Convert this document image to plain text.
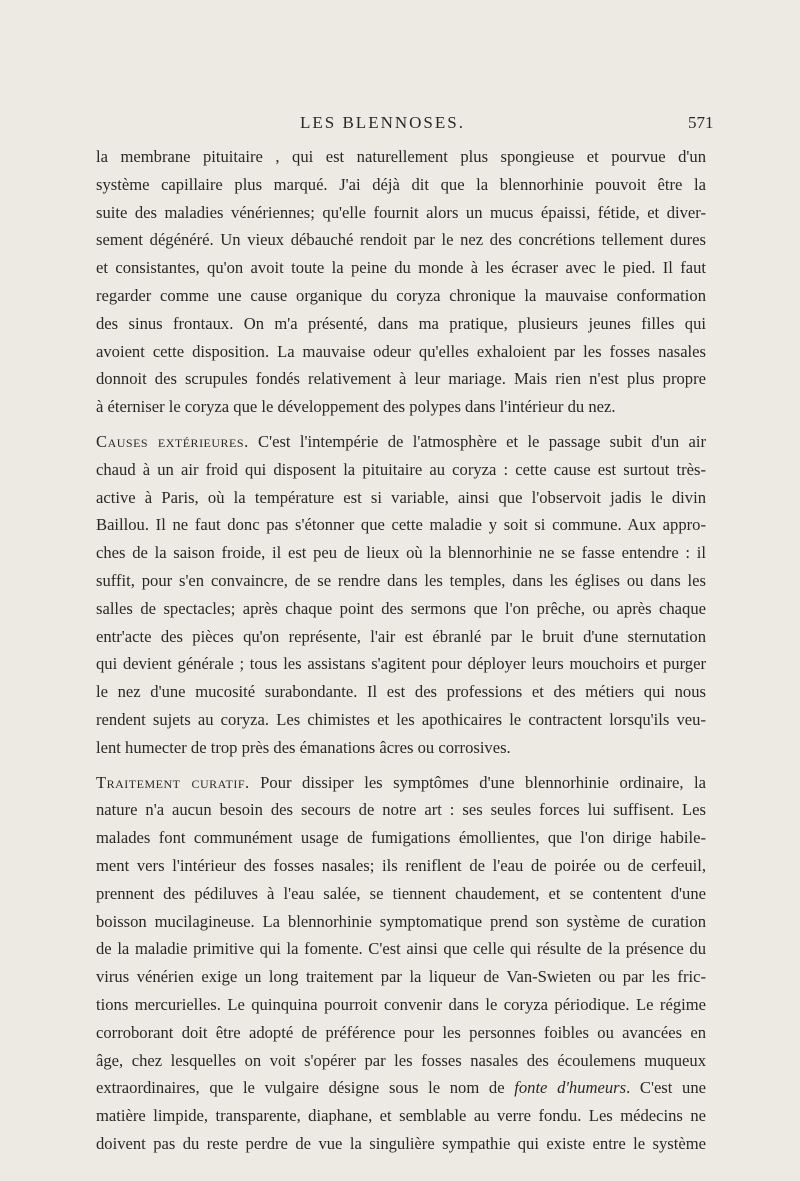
LES BLENNOSES.	571
la membrane pituitaire , qui est naturellement plus spongieuse et pourvue d'un
système capillaire plus marqué. J'ai déjà dit que la blennorhinie pouvoit être la
suite des maladies vénériennes; qu'elle fournit alors un mucus épaissi, fétide, et diver-
sement dégénéré. Un vieux débauché rendoit par le nez des concrétions tellement dures
et consistantes, qu'on avoit toute la peine du monde à les écraser avec le pied. Il faut
regarder comme une cause organique du coryza chronique la mauvaise conformation
des sinus frontaux. On m'a présenté, dans ma pratique, plusieurs jeunes filles qui
avoient cette disposition. La mauvaise odeur qu'elles exhaloient par les fosses nasales
donnoit des scrupules fondés relativement à leur mariage. Mais rien n'est plus propre
à éterniser le coryza que le développement des polypes dans l'intérieur du nez.
Causes extérieures. C'est l'intempérie de l'atmosphère et le passage subit d'un air
chaud à un air froid qui disposent la pituitaire au coryza : cette cause est surtout très-
active à Paris, où la température est si variable, ainsi que l'observoit jadis le divin
Baillou. Il ne faut donc pas s'étonner que cette maladie y soit si commune. Aux appro-
ches de la saison froide, il est peu de lieux où la blennorhinie ne se fasse entendre : il
suffit, pour s'en convaincre, de se rendre dans les temples, dans les églises ou dans les
salles de spectacles; après chaque point des sermons que l'on prêche, ou après chaque
entr'acte des pièces qu'on représente, l'air est ébranlé par le bruit d'une sternutation
qui devient générale ; tous les assistans s'agitent pour déployer leurs mouchoirs et purger
le nez d'une mucosité surabondante. Il est des professions et des métiers qui nous
rendent sujets au coryza. Les chimistes et les apothicaires le contractent lorsqu'ils veu-
lent humecter de trop près des émanations âcres ou corrosives.
Traitement curatif. Pour dissiper les symptômes d'une blennorhinie ordinaire, la
nature n'a aucun besoin des secours de notre art : ses seules forces lui suffisent. Les
malades font communément usage de fumigations émollientes, que l'on dirige habile-
ment vers l'intérieur des fosses nasales; ils reniflent de l'eau de poirée ou de cerfeuil,
prennent des pédiluves à l'eau salée, se tiennent chaudement, et se contentent d'une
boisson mucilagineuse. La blennorhinie symptomatique prend son système de curation
de la maladie primitive qui la fomente. C'est ainsi que celle qui résulte de la présence du
virus vénérien exige un long traitement par la liqueur de Van-Swieten ou par les fric-
tions mercurielles. Le quinquina pourroit convenir dans le coryza périodique. Le régime
corroborant doit être adopté de préférence pour les personnes foibles ou avancées en
âge, chez lesquelles on voit s'opérer par les fosses nasales des écoulemens muqueux
extraordinaires, que le vulgaire désigne sous le nom de fonte d'humeurs. C'est une
matière limpide, transparente, diaphane, et semblable au verre fondu. Les médecins ne
doivent pas du reste perdre de vue la singulière sympathie qui existe entre le système
